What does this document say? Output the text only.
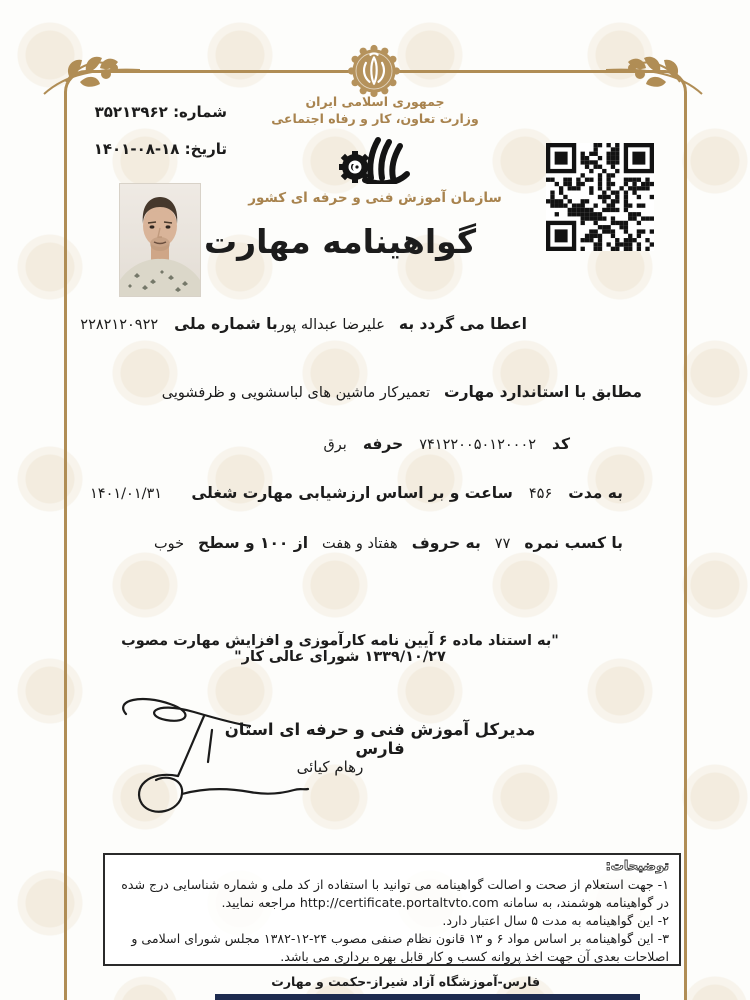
جمهوری اسلامی ایران
وزارت تعاون، کار و رفاه اجتماعی
شماره: ۳۵۲۱۳۹۶۲
تاریخ: ۱۴۰۱-۰۸-۱۸
سازمان آموزش فنی و حرفه ای کشور
گواهینامه مهارت
اعطا می گردد به
علیرضا عبداله پور
با شماره ملی
۲۲۸۲۱۲۰۹۲۲
مطابق با استاندارد مهارت
تعمیرکار ماشین های لباسشویی و ظرفشویی
کد
۷۴۱۲۲۰۰۵۰۱۲۰۰۰۲
حرفه
برق
به مدت
۴۵۶
ساعت و بر اساس ارزشیابی مهارت شغلی
۱۴۰۱/۰۱/۳۱
با کسب نمره
۷۷
به حروف
هفتاد و هفت
از ۱۰۰ و سطح
خوب
"به استناد ماده ۶ آیین نامه کارآموزی و افزایش مهارت مصوب ۱۳۳۹/۱۰/۲۷ شورای عالی کار"
مدیرکل آموزش فنی و حرفه ای استان فارس
رهام کیائی
توضیحات:
۱- جهت استعلام از صحت و اصالت گواهینامه می توانید با استفاده از کد ملی و شماره شناسایی درج شده در گواهینامه هوشمند، به سامانه http://certificate.portaltvto.com مراجعه نمایید.
۲- این گواهینامه به مدت ۵ سال اعتبار دارد.
۳- این گواهینامه بر اساس مواد ۶ و ۱۳ قانون نظام صنفی مصوب ۲۴-۱۲-۱۳۸۲ مجلس شورای اسلامی و اصلاحات بعدی آن جهت اخذ پروانه کسب و کار قابل بهره برداری می باشد.
فارس-آموزشگاه آزاد شیراز-حکمت و مهارت
